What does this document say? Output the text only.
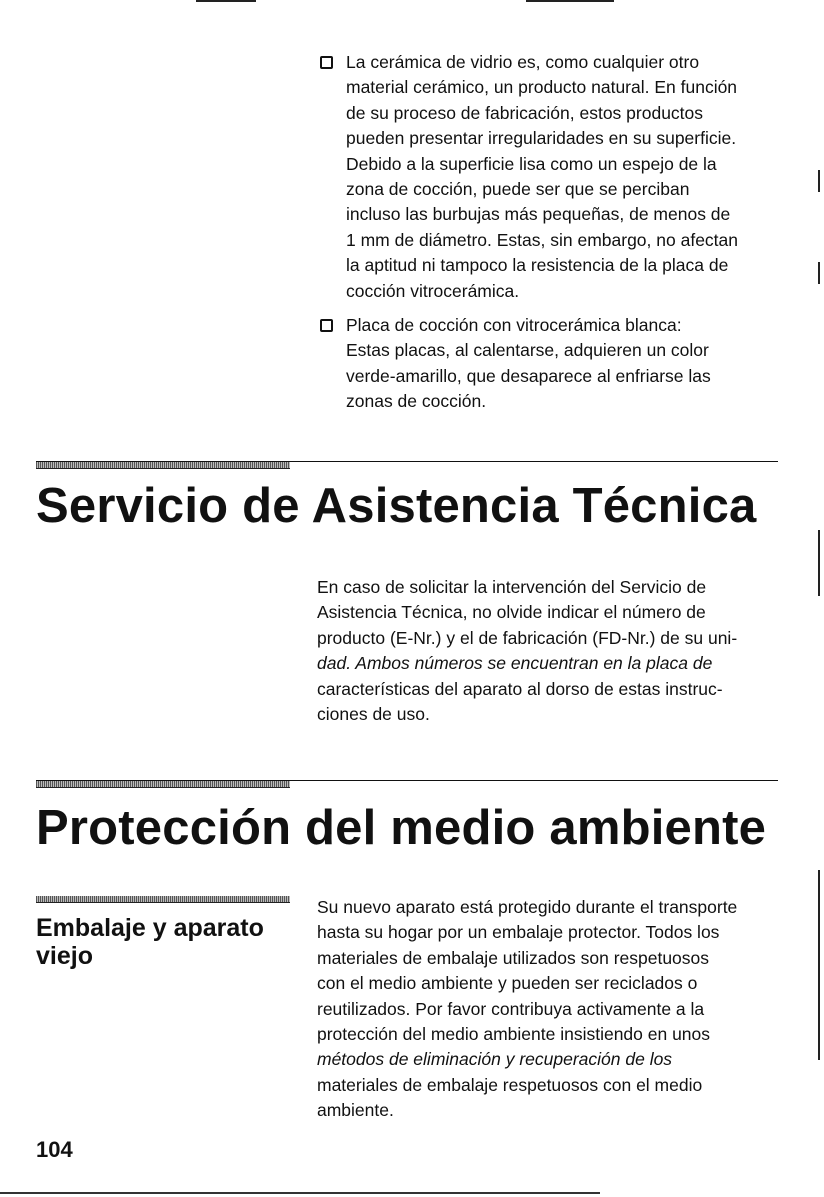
La cerámica de vidrio es, como cualquier otro
material cerámico, un producto natural. En función
de su proceso de fabricación, estos productos
pueden presentar irregularidades en su superficie.
Debido a la superficie lisa como un espejo de la
zona de cocción, puede ser que se perciban
incluso las burbujas más pequeñas, de menos de
1 mm de diámetro. Estas, sin embargo, no afectan
la aptitud ni tampoco la resistencia de la placa de
cocción vitrocerámica.

Placa de cocción con vitrocerámica blanca:
Estas placas, al calentarse, adquieren un color
verde-amarillo, que desaparece al enfriarse las
zonas de cocción.

Servicio de Asistencia Técnica

En caso de solicitar la intervención del Servicio de
Asistencia Técnica, no olvide indicar el número de
producto (E-Nr.) y el de fabricación (FD-Nr.) de su uni-
dad. Ambos números se encuentran en la placa de
características del aparato al dorso de estas instruc-
ciones de uso.

Protección del medio ambiente
Embalaje y aparato
viejo

Su nuevo aparato está protegido durante el transporte
hasta su hogar por un embalaje protector. Todos los
materiales de embalaje utilizados son respetuosos
con el medio ambiente y pueden ser reciclados o
reutilizados. Por favor contribuya activamente a la
protección del medio ambiente insistiendo en unos
métodos de eliminación y recuperación de los
materiales de embalaje respetuosos con el medio
ambiente.

104
